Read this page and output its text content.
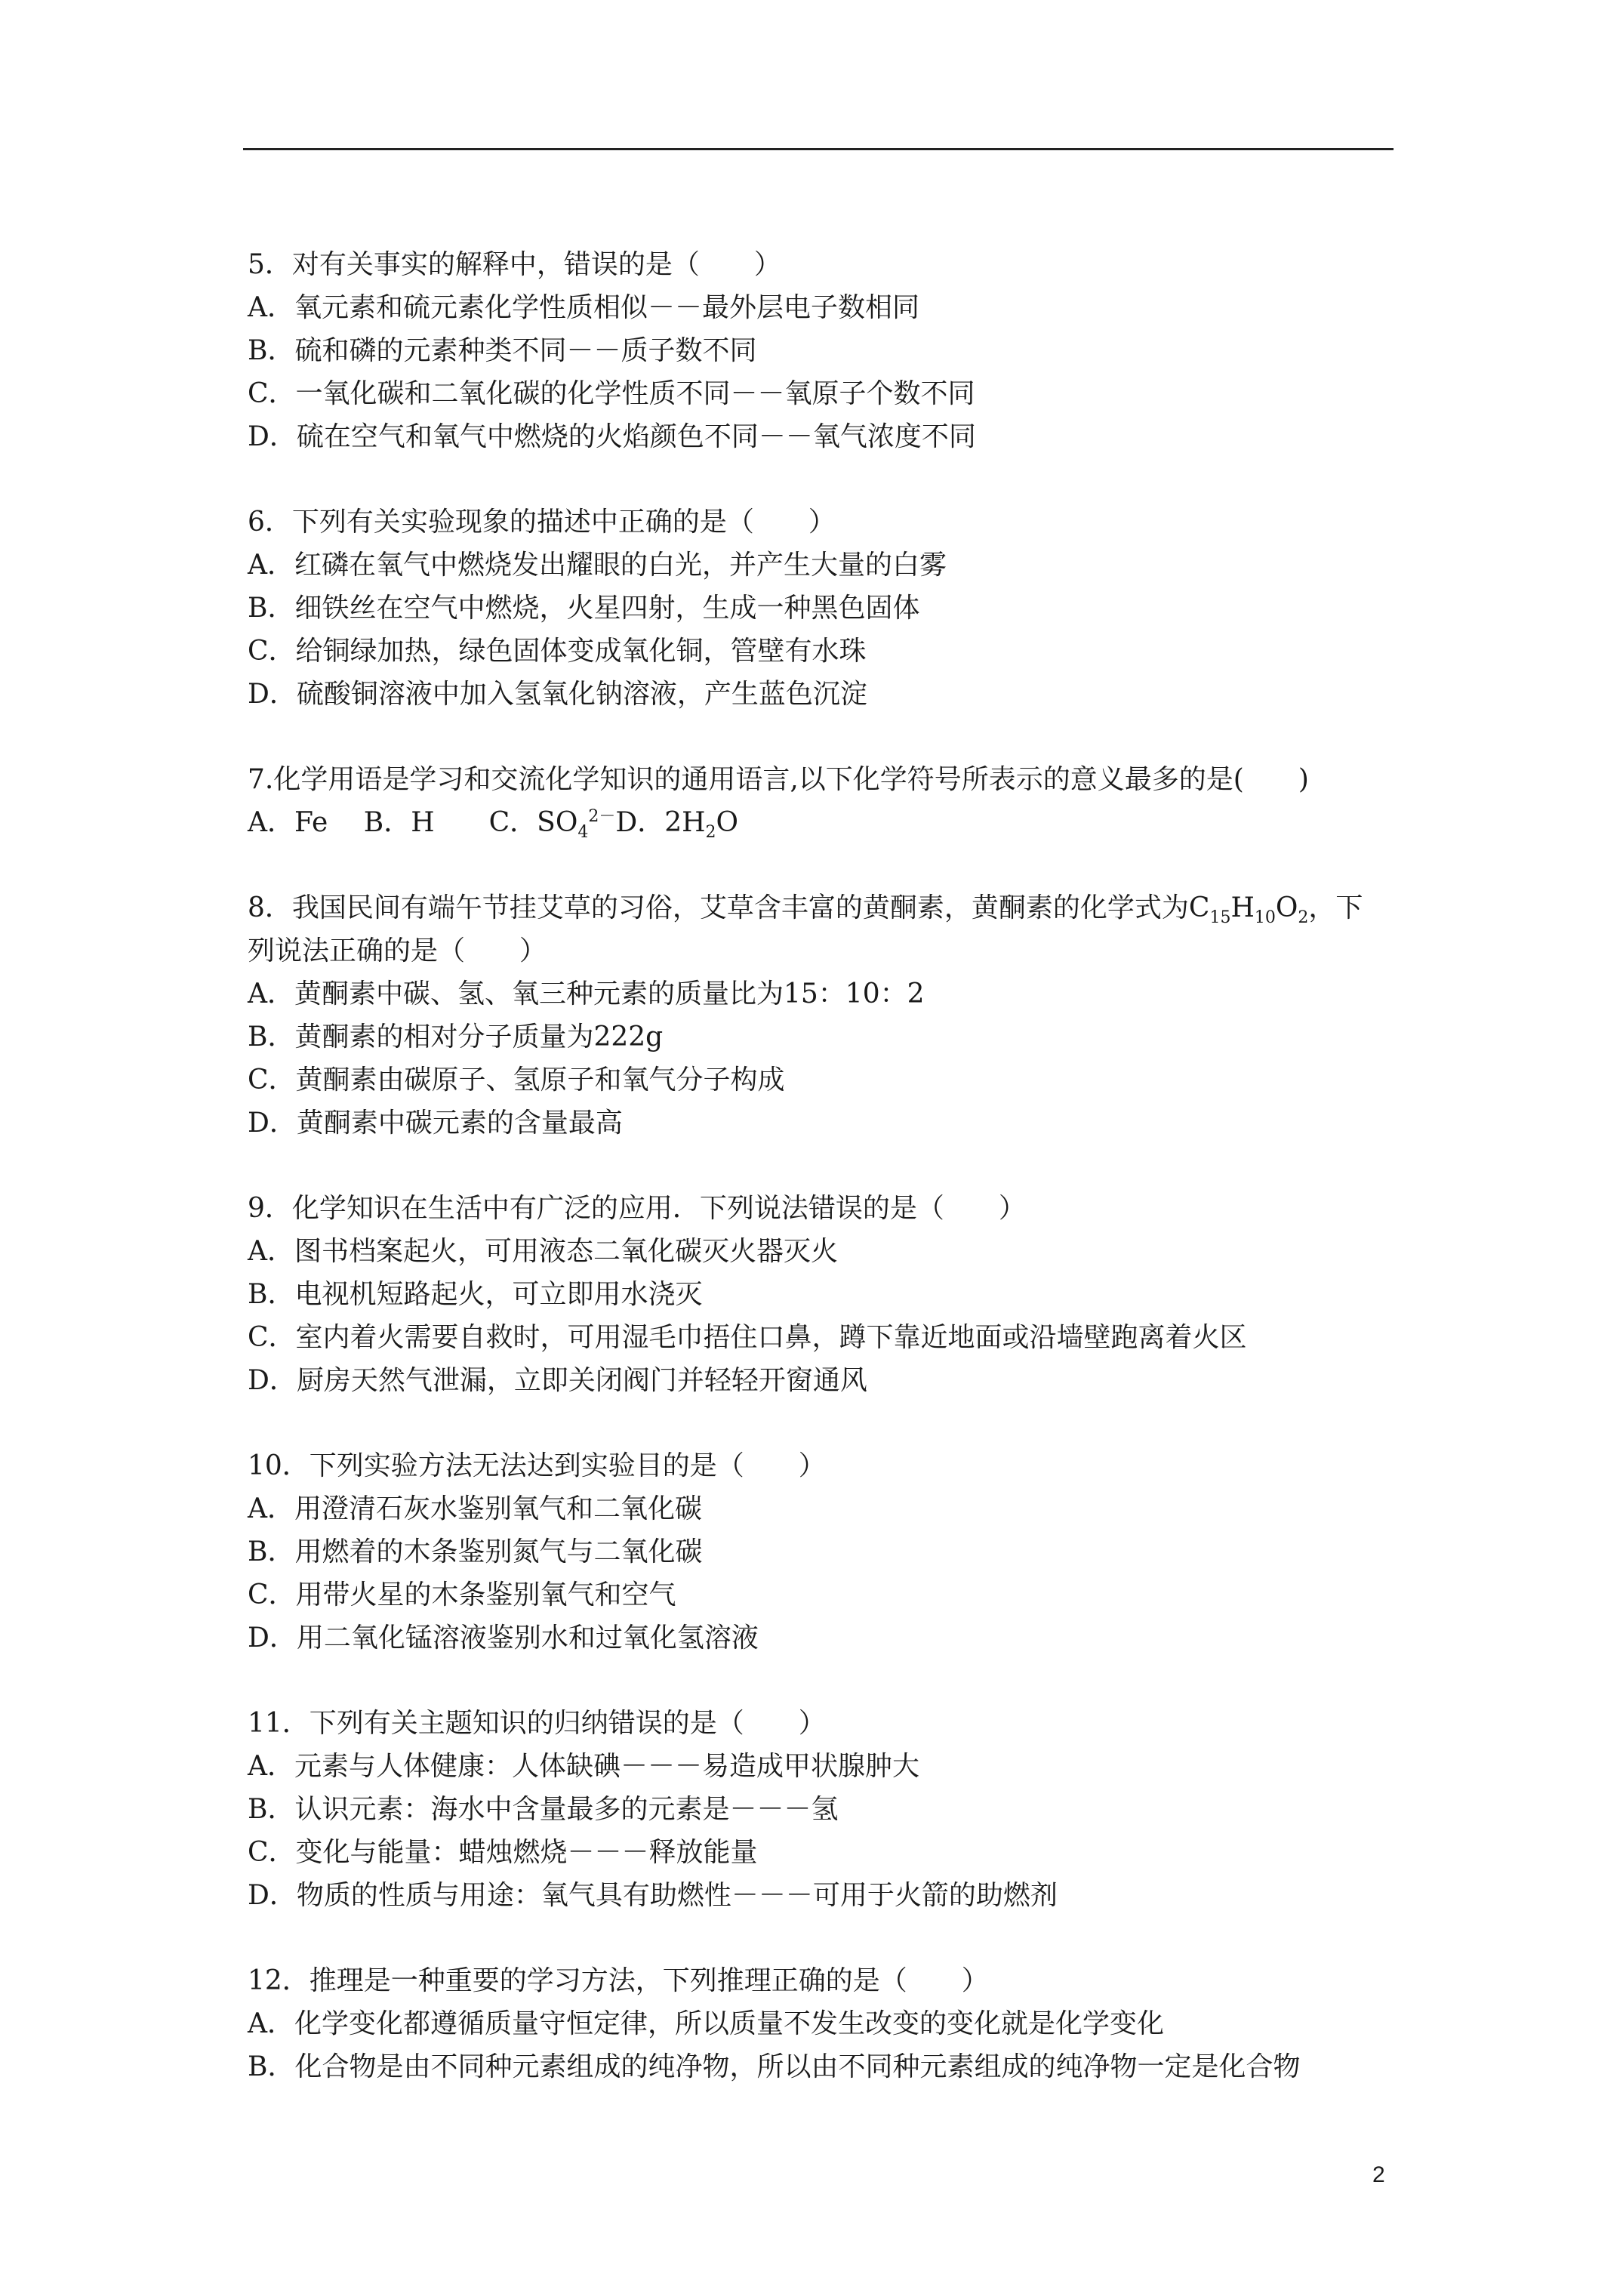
5．对有关事实的解释中，错误的是（　　）
A．氧元素和硫元素化学性质相似－－最外层电子数相同
B．硫和磷的元素种类不同－－质子数不同
C．一氧化碳和二氧化碳的化学性质不同－－氧原子个数不同
D．硫在空气和氧气中燃烧的火焰颜色不同－－氧气浓度不同
6．下列有关实验现象的描述中正确的是（　　）
A．红磷在氧气中燃烧发出耀眼的白光，并产生大量的白雾
B．细铁丝在空气中燃烧，火星四射，生成一种黑色固体
C．给铜绿加热，绿色固体变成氧化铜，管壁有水珠
D．硫酸铜溶液中加入氢氧化钠溶液，产生蓝色沉淀
7.化学用语是学习和交流化学知识的通用语言,以下化学符号所表示的意义最多的是(　　)
A．Fe　 B．H　　C．$SO_4^{2-}D$．$2H_2O$
8．我国民间有端午节挂艾草的习俗，艾草含丰富的黄酮素，黄酮素的化学式为$C_{15}H_{10}O_2$，下
列说法正确的是（　　）
A．黄酮素中碳、氢、氧三种元素的质量比为15：10：2
B．黄酮素的相对分子质量为222g
C．黄酮素由碳原子、氢原子和氧气分子构成
D．黄酮素中碳元素的含量最高
9．化学知识在生活中有广泛的应用．下列说法错误的是（　　）
A．图书档案起火，可用液态二氧化碳灭火器灭火
B．电视机短路起火，可立即用水浇灭
C．室内着火需要自救时，可用湿毛巾捂住口鼻，蹲下靠近地面或沿墙壁跑离着火区
D．厨房天然气泄漏，立即关闭阀门并轻轻开窗通风
10．下列实验方法无法达到实验目的是（　　）
A．用澄清石灰水鉴别氧气和二氧化碳
B．用燃着的木条鉴别氮气与二氧化碳
C．用带火星的木条鉴别氧气和空气
D．用二氧化锰溶液鉴别水和过氧化氢溶液
11．下列有关主题知识的归纳错误的是（　　）
A．元素与人体健康：人体缺碘－－－易造成甲状腺肿大
B．认识元素：海水中含量最多的元素是－－－氢
C．变化与能量：蜡烛燃烧－－－释放能量
D．物质的性质与用途：氧气具有助燃性－－－可用于火箭的助燃剂
12．推理是一种重要的学习方法，下列推理正确的是（　　）
A．化学变化都遵循质量守恒定律，所以质量不发生改变的变化就是化学变化
B．化合物是由不同种元素组成的纯净物，所以由不同种元素组成的纯净物一定是化合物
2
